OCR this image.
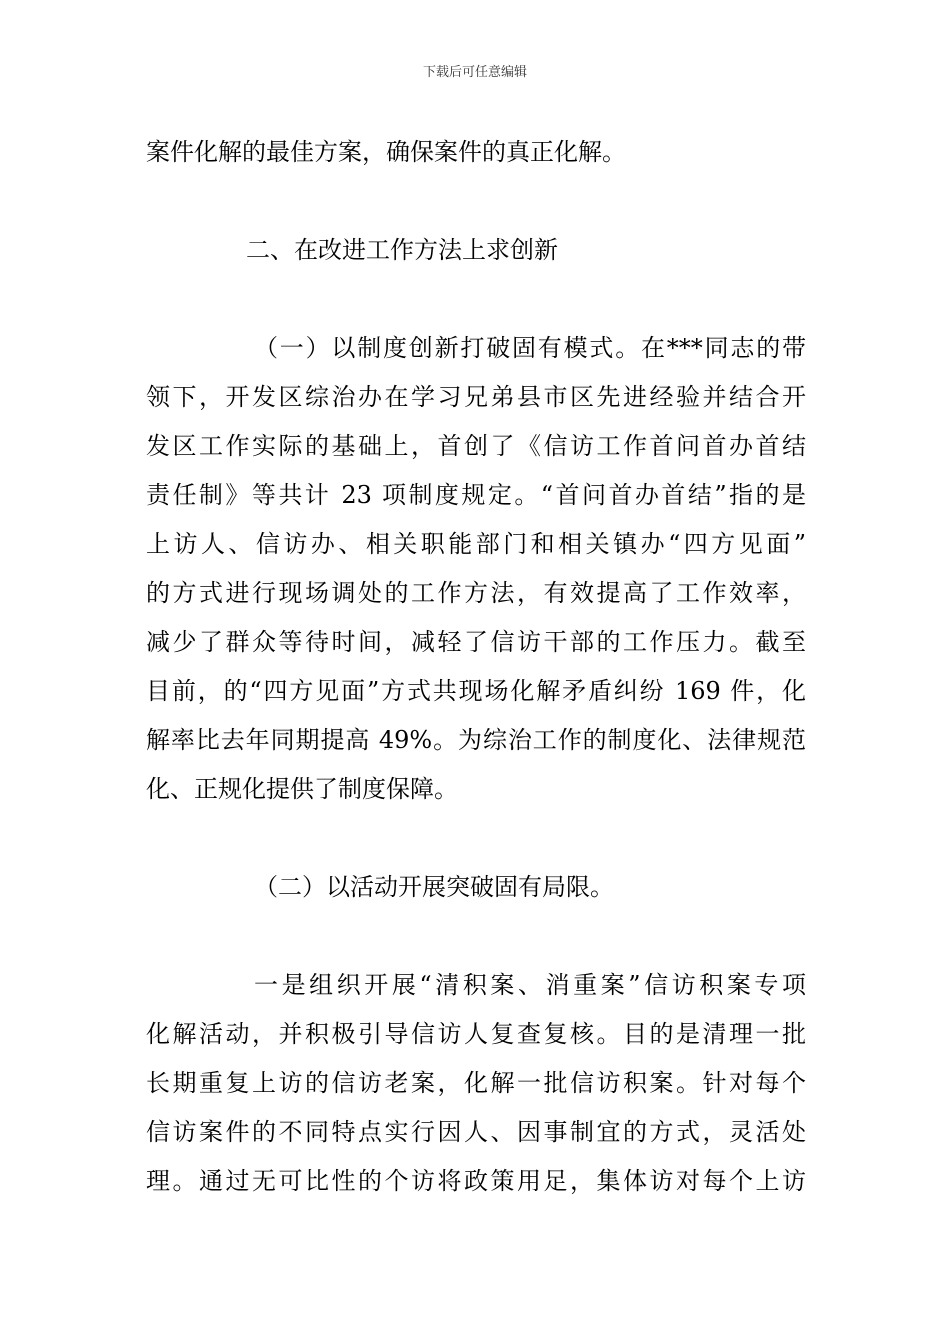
下载后可任意编辑

案件化解的最佳方案，确保案件的真正化解。

二、在改进工作方法上求创新

（一）以制度创新打破固有模式。在***同志的带
领下，开发区综治办在学习兄弟县市区先进经验并结合开
发区工作实际的基础上，首创了《信访工作首问首办首结
责任制》等共计 23 项制度规定。“首问首办首结”指的是
上访人、信访办、相关职能部门和相关镇办“四方见面”
的方式进行现场调处的工作方法，有效提高了工作效率，
减少了群众等待时间，减轻了信访干部的工作压力。截至
目前，的“四方见面”方式共现场化解矛盾纠纷 169 件，化
解率比去年同期提高 49%。为综治工作的制度化、法律规范
化、正规化提供了制度保障。

（二）以活动开展突破固有局限。

一是组织开展“清积案、消重案”信访积案专项
化解活动，并积极引导信访人复查复核。目的是清理一批
长期重复上访的信访老案，化解一批信访积案。针对每个
信访案件的不同特点实行因人、因事制宜的方式，灵活处
理。通过无可比性的个访将政策用足，集体访对每个上访
